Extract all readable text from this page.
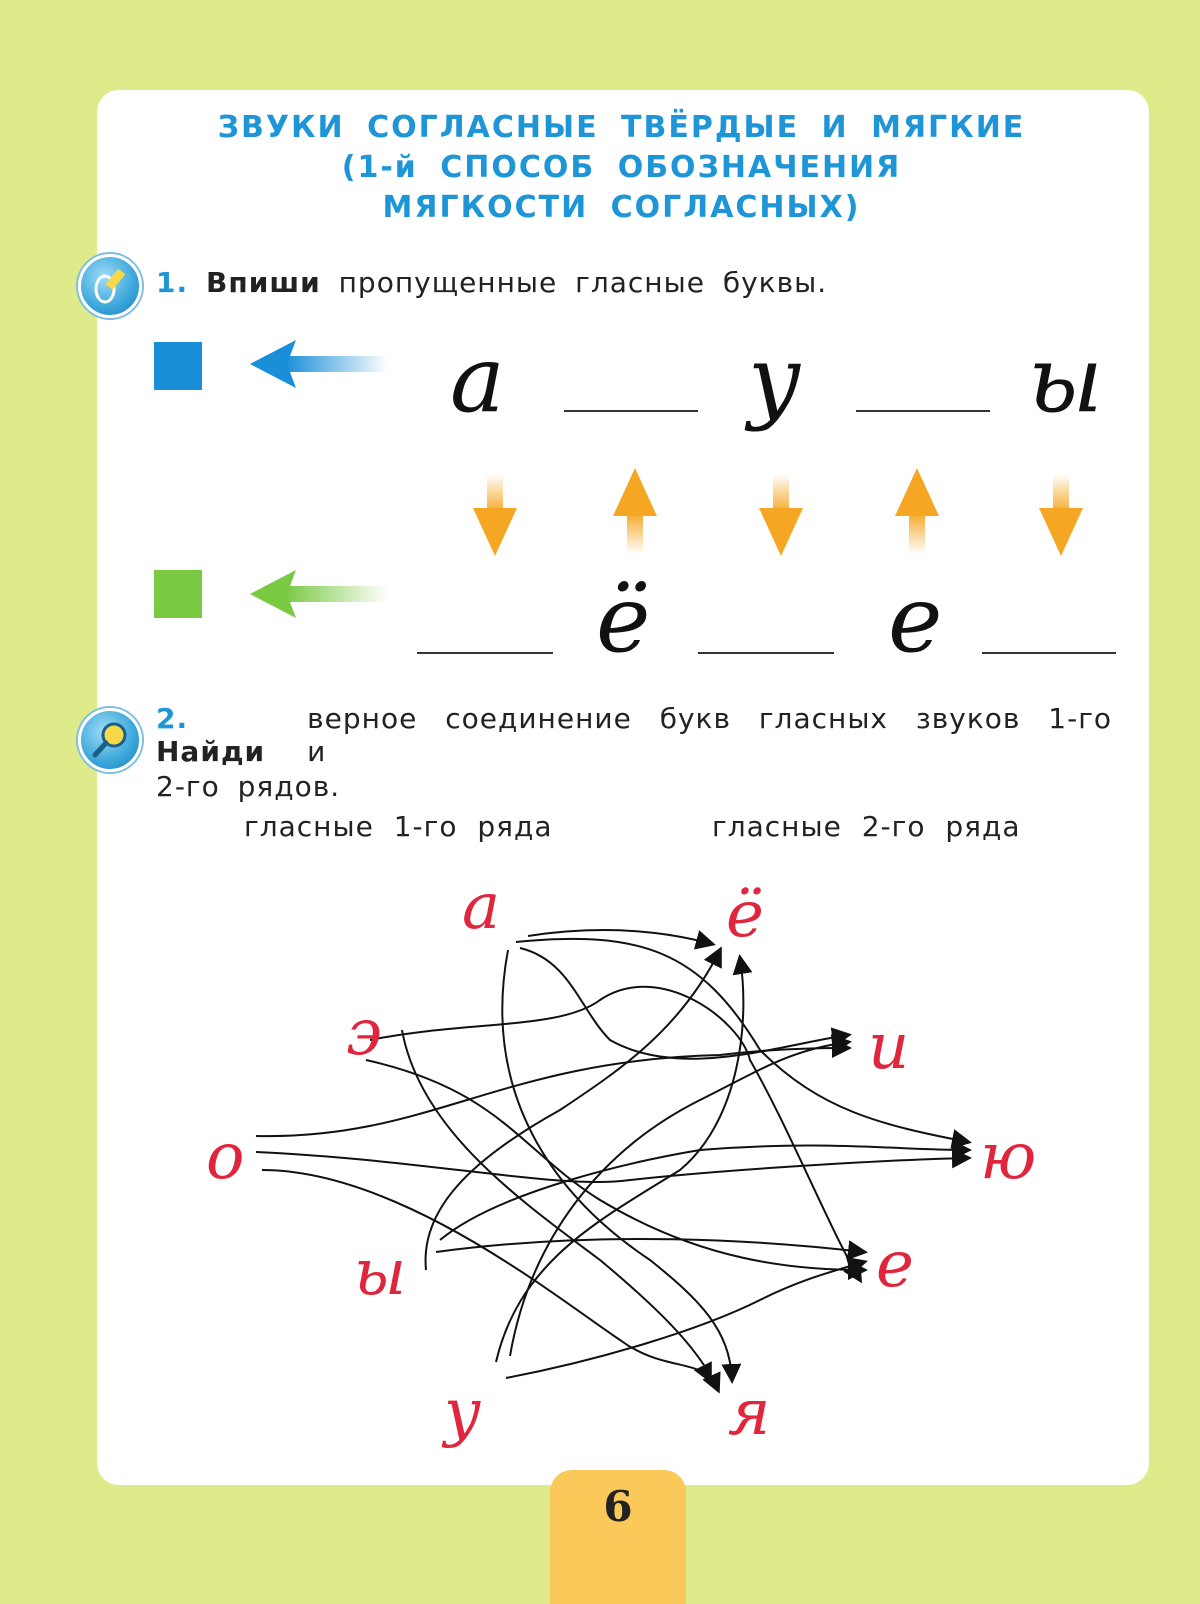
ЗВУКИ СОГЛАСНЫЕ ТВЁРДЫЕ И МЯГКИЕ
(1-й СПОСОБ ОБОЗНАЧЕНИЯ
МЯГКОСТИ СОГЛАСНЫХ)
1. Впиши пропущенные гласные буквы.
а	у ы
ё	е
2. Найди
верное соединение букв гласных звуков 1-го и
2-го рядов.
гласные 1-го ряда	гласные 2-го ряда
а
э
о
ы
у
ё
и
ю
е
я
6
